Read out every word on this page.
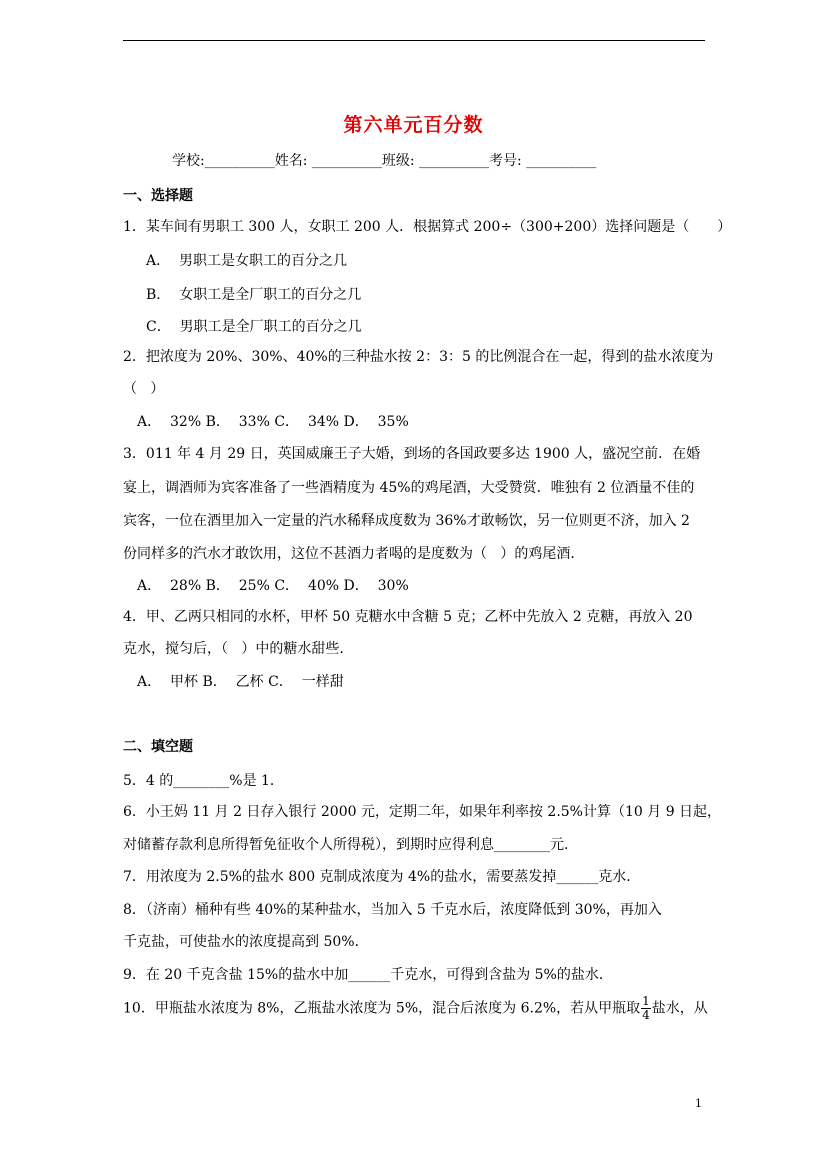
第六单元百分数
学校:__________姓名: __________班级: __________考号: __________
一、选择题
1．某车间有男职工 300 人，女职工 200 人．根据算式 200÷（300+200）选择问题是（　　）
A．  男职工是女职工的百分之几
B．  女职工是全厂职工的百分之几
C．  男职工是全厂职工的百分之几
2．把浓度为 20%、30%、40%的三种盐水按 2：3：5 的比例混合在一起，得到的盐水浓度为
（   ）
A．  32% B．  33% C．  34% D．  35%
3．011 年 4 月 29 日，英国威廉王子大婚，到场的各国政要多达 1900 人，盛况空前．在婚
宴上，调酒师为宾客准备了一些酒精度为 45%的鸡尾酒，大受赞赏．唯独有 2 位酒量不佳的
宾客，一位在酒里加入一定量的汽水稀释成度数为 36%才敢畅饮，另一位则更不济，加入 2
份同样多的汽水才敢饮用，这位不甚酒力者喝的是度数为（   ）的鸡尾酒．
A．  28% B．  25% C．  40% D．  30%
4．甲、乙两只相同的水杯，甲杯 50 克糖水中含糖 5 克；乙杯中先放入 2 克糖，再放入 20
克水，搅匀后，（   ）中的糖水甜些．
A．  甲杯 B．  乙杯 C．  一样甜
二、填空题
5．4 的________%是 1．
6．小王妈 11 月 2 日存入银行 2000 元，定期二年，如果年利率按 2.5%计算（10 月 9 日起，
对储蓄存款利息所得暂免征收个人所得税），到期时应得利息________元．
7．用浓度为 2.5%的盐水 800 克制成浓度为 4%的盐水，需要蒸发掉______克水．
8．（济南）桶种有些 40%的某种盐水，当加入 5 千克水后，浓度降低到 30%，再加入
千克盐，可使盐水的浓度提高到 50%．
9．在 20 千克含盐 15%的盐水中加______千克水，可得到含盐为 5%的盐水．
10．甲瓶盐水浓度为 8%，乙瓶盐水浓度为 5%，混合后浓度为 6.2%，若从甲瓶取 $\frac{1}{4}$ 盐水，从
1
